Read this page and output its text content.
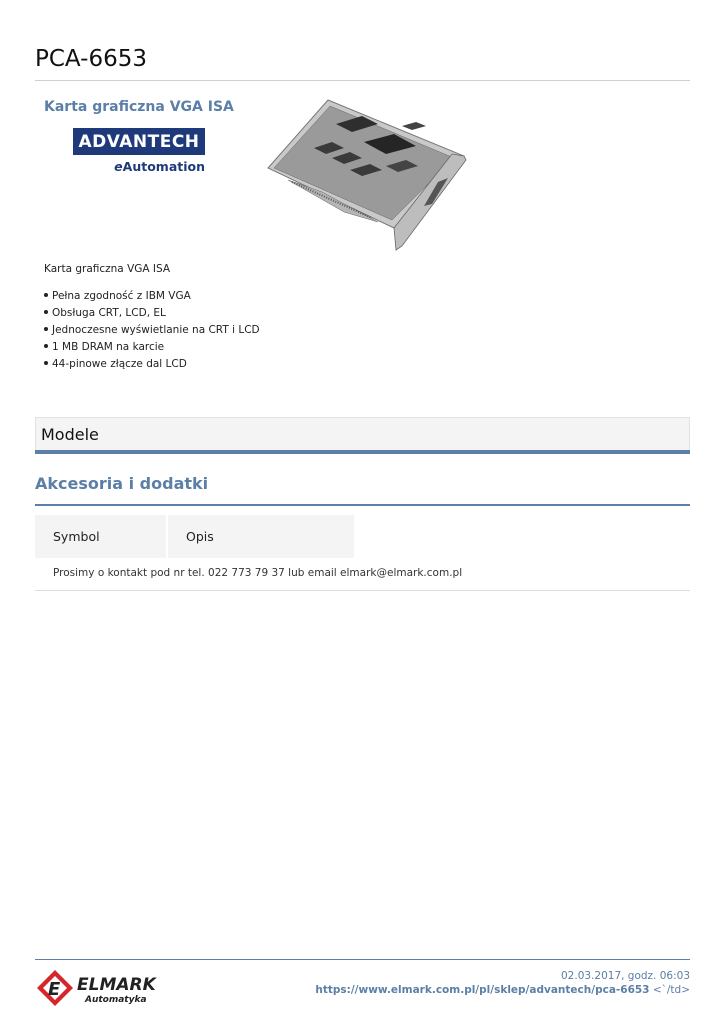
PCA-6653
Karta graficzna VGA ISA
ADVANTECH
eAutomation
Karta graficzna VGA ISA
Pełna zgodność z IBM VGA
Obsługa CRT, LCD, EL
Jednoczesne wyświetlanie na CRT i LCD
1 MB DRAM na karcie
44-pinowe złącze dal LCD
Modele
Akcesoria i dodatki
Symbol	Opis
Prosimy o kontakt pod nr tel. 022 773 79 37 lub email elmark@elmark.com.pl
E ELMARK
Automatyka
02.03.2017, godz. 06:03
https://www.elmark.com.pl/pl/sklep/advantech/pca-6653 <`/td>
